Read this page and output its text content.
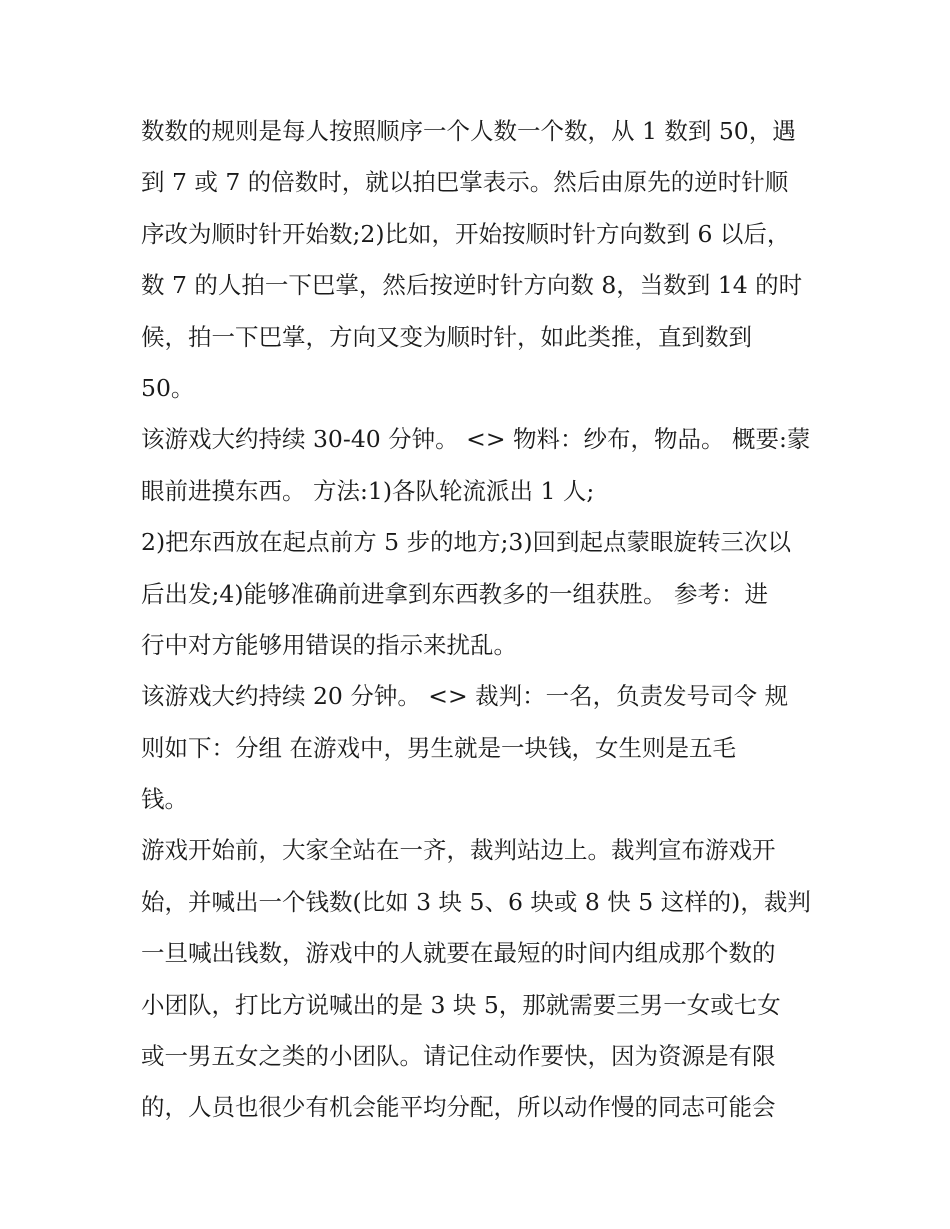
数数的规则是每人按照顺序一个人数一个数，从 1 数到 50，遇
到 7 或 7 的倍数时，就以拍巴掌表示。然后由原先的逆时针顺
序改为顺时针开始数;2)比如，开始按顺时针方向数到 6 以后，
数 7 的人拍一下巴掌，然后按逆时针方向数 8，当数到 14 的时
候，拍一下巴掌，方向又变为顺时针，如此类推，直到数到
50。
该游戏大约持续 30-40 分钟。 <> 物料：纱布，物品。 概要:蒙
眼前进摸东西。 方法:1)各队轮流派出 1 人;
2)把东西放在起点前方 5 步的地方;3)回到起点蒙眼旋转三次以
后出发;4)能够准确前进拿到东西教多的一组获胜。 参考：进
行中对方能够用错误的指示来扰乱。
该游戏大约持续 20 分钟。 <> 裁判：一名，负责发号司令 规
则如下：分组 在游戏中，男生就是一块钱，女生则是五毛
钱。
游戏开始前，大家全站在一齐，裁判站边上。裁判宣布游戏开
始，并喊出一个钱数(比如 3 块 5、6 块或 8 快 5 这样的)，裁判
一旦喊出钱数，游戏中的人就要在最短的时间内组成那个数的
小团队，打比方说喊出的是 3 块 5，那就需要三男一女或七女
或一男五女之类的小团队。请记住动作要快，因为资源是有限
的，人员也很少有机会能平均分配，所以动作慢的同志可能会
